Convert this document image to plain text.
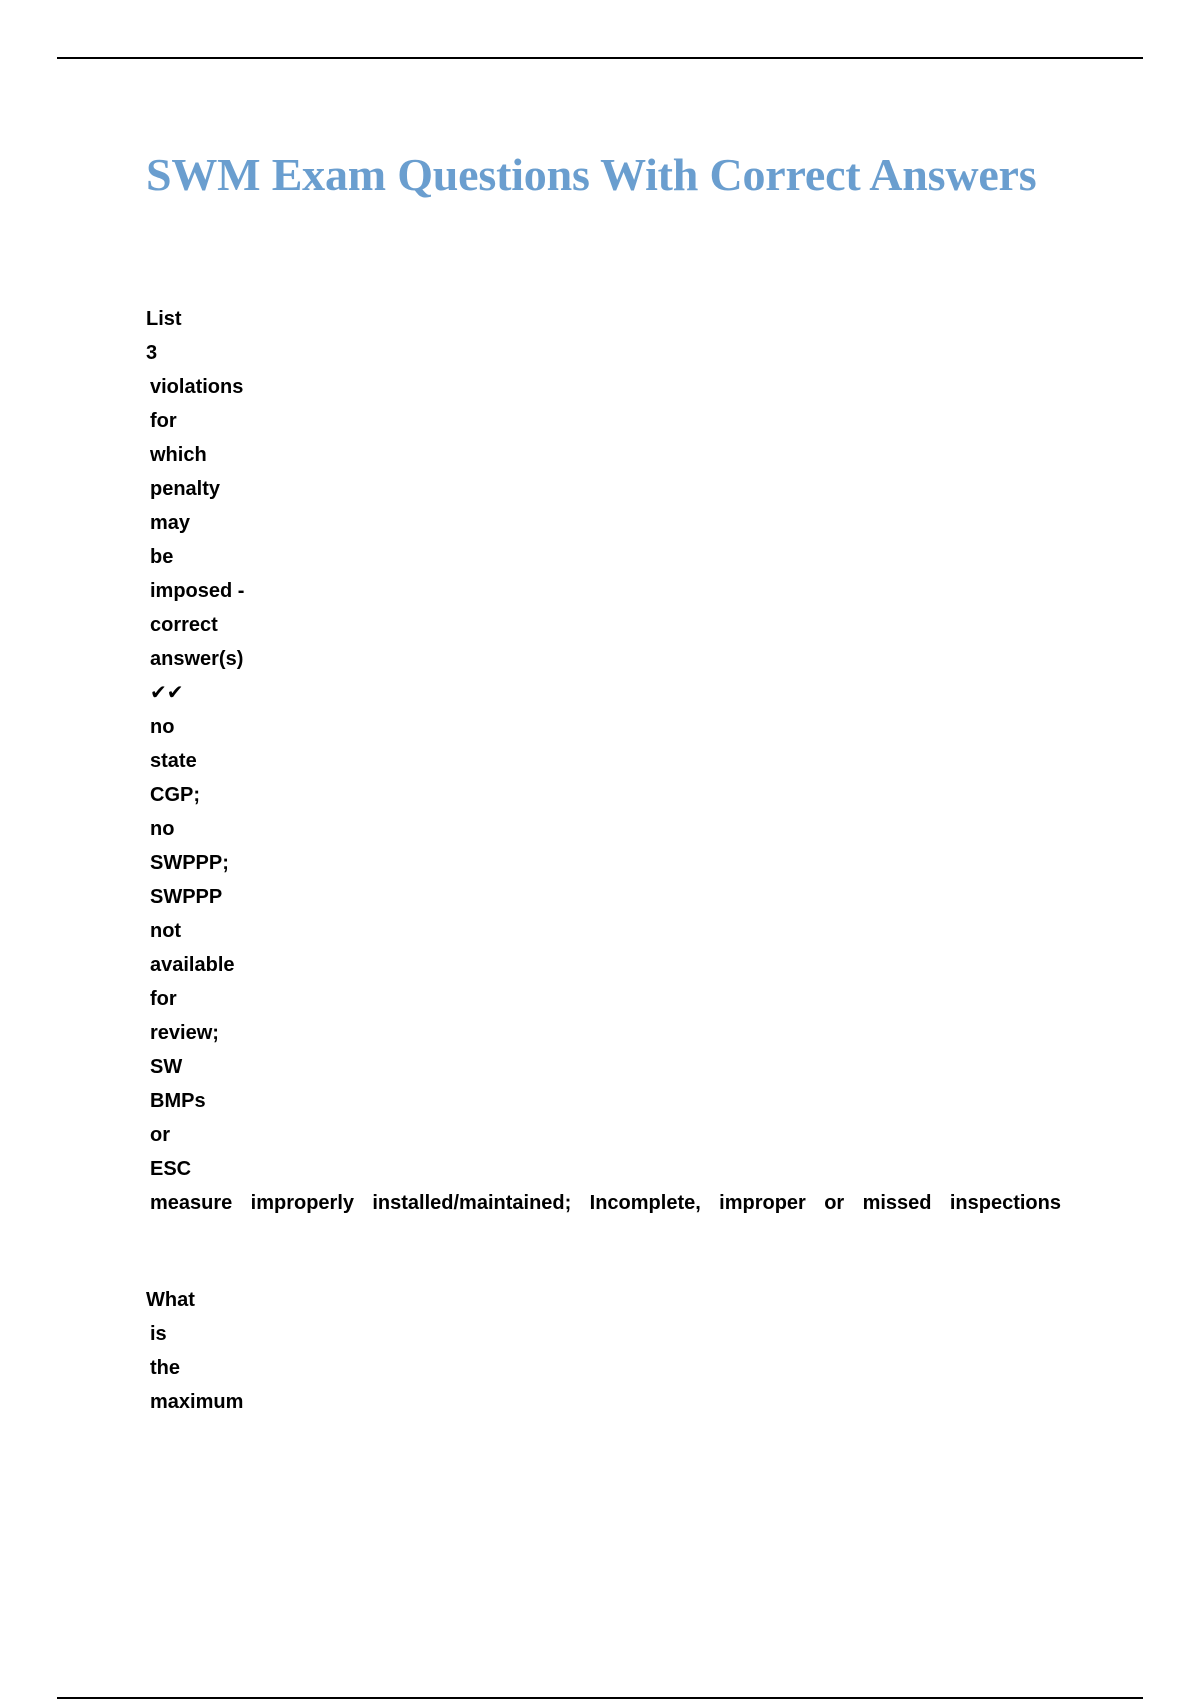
SWM Exam Questions With Correct Answers
List
3
violations
for
which
penalty
may
be
imposed -
correct
answer(s)
✔✔
no
state
CGP;
no
SWPPP;
SWPPP
not
available
for
review;
SW
BMPs
or
ESC
measure improperly installed/maintained; Incomplete, improper or missed inspections
What
is
the
maximum
